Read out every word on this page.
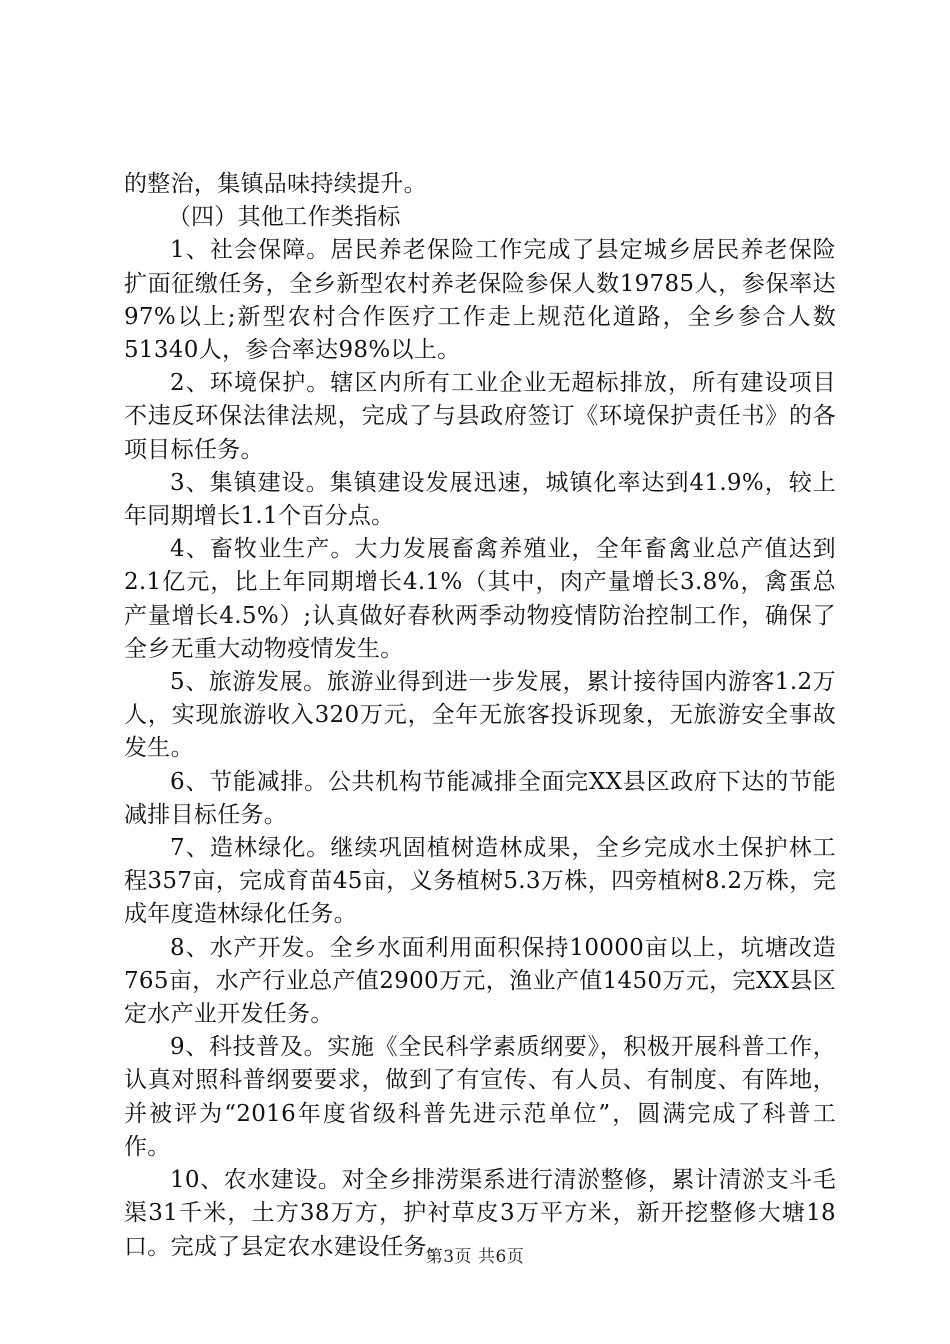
的整治，集镇品味持续提升。

（四）其他工作类指标

1、社会保障。居民养老保险工作完成了县定城乡居民养老保险扩面征缴任务，全乡新型农村养老保险参保人数19785人，参保率达97%以上;新型农村合作医疗工作走上规范化道路，全乡参合人数51340人，参合率达98%以上。

2、环境保护。辖区内所有工业企业无超标排放，所有建设项目不违反环保法律法规，完成了与县政府签订《环境保护责任书》的各项目标任务。

3、集镇建设。集镇建设发展迅速，城镇化率达到41.9%，较上年同期增长1.1个百分点。

4、畜牧业生产。大力发展畜禽养殖业，全年畜禽业总产值达到2.1亿元，比上年同期增长4.1%（其中，肉产量增长3.8%，禽蛋总产量增长4.5%）;认真做好春秋两季动物疫情防治控制工作，确保了全乡无重大动物疫情发生。

5、旅游发展。旅游业得到进一步发展，累计接待国内游客1.2万人，实现旅游收入320万元，全年无旅客投诉现象，无旅游安全事故发生。

6、节能减排。公共机构节能减排全面完XX县区政府下达的节能减排目标任务。

7、造林绿化。继续巩固植树造林成果，全乡完成水土保护林工程357亩，完成育苗45亩，义务植树5.3万株，四旁植树8.2万株，完成年度造林绿化任务。

8、水产开发。全乡水面利用面积保持10000亩以上，坑塘改造765亩，水产行业总产值2900万元，渔业产值1450万元，完XX县区定水产业开发任务。

9、科技普及。实施《全民科学素质纲要》，积极开展科普工作，认真对照科普纲要要求，做到了有宣传、有人员、有制度、有阵地，并被评为“2016年度省级科普先进示范单位”，圆满完成了科普工作。

10、农水建设。对全乡排涝渠系进行清淤整修，累计清淤支斗毛渠31千米，土方38万方，护衬草皮3万平方米，新开挖整修大塘18口。完成了县定农水建设任务。

第3页 共6页
